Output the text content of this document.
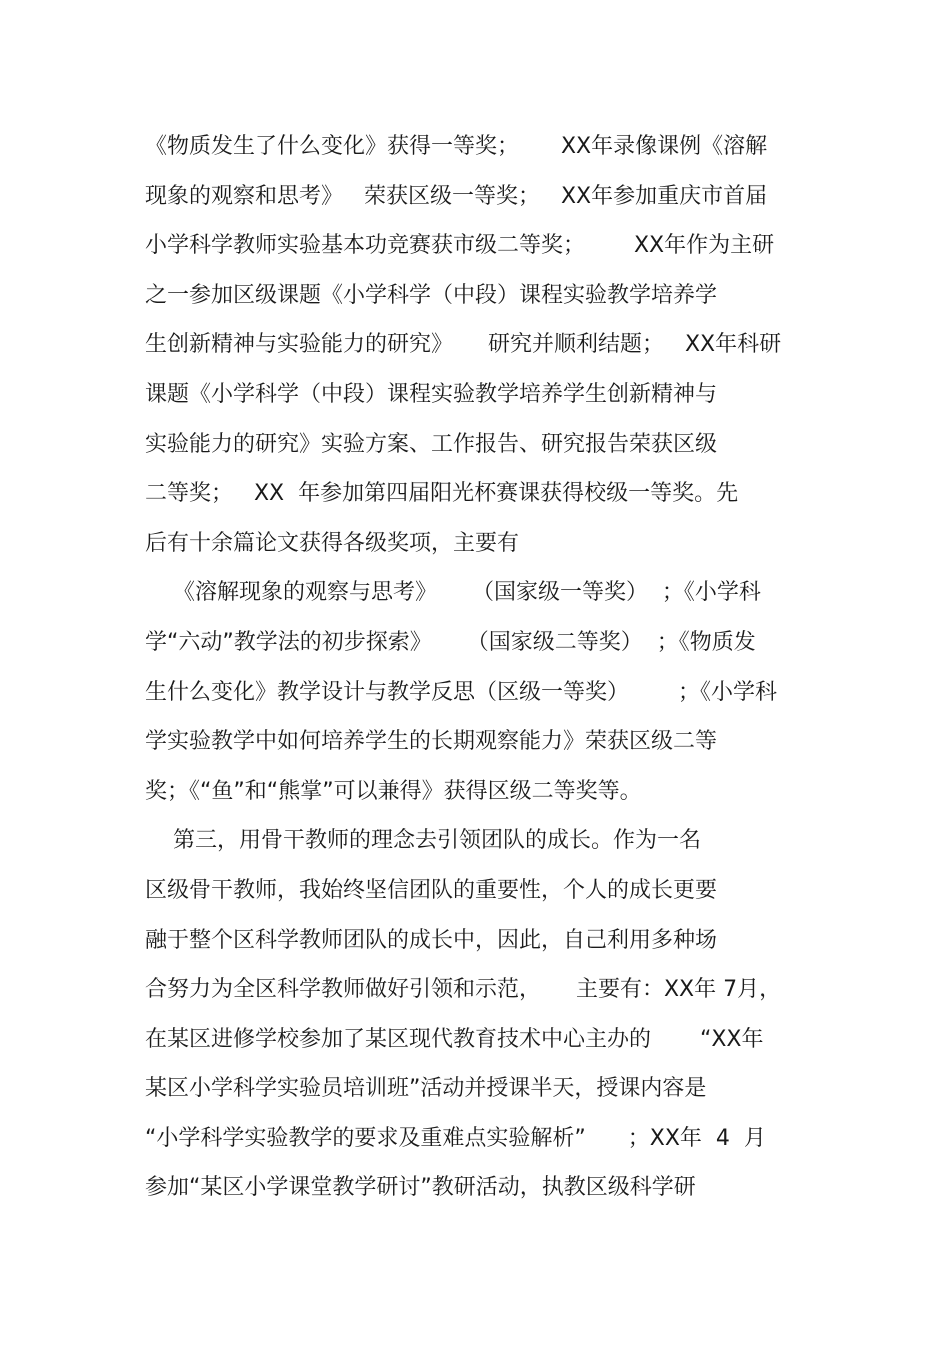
《物质发生了什么变化》获得一等奖；      XX年录像课例《溶解
现象的观察和思考》   荣获区级一等奖；   XX年参加重庆市首届
小学科学教师实验基本功竞赛获市级二等奖；       XX年作为主研
之一参加区级课题《小学科学（中段）课程实验教学培养学
生创新精神与实验能力的研究》     研究并顺利结题；   XX年科研
课题《小学科学（中段）课程实验教学培养学生创新精神与
实验能力的研究》实验方案、工作报告、研究报告荣获区级
二等奖；   XX  年参加第四届阳光杯赛课获得校级一等奖。先
后有十余篇论文获得各级奖项，主要有
《溶解现象的观察与思考》     （国家级一等奖）  ；《小学科
学“六动”教学法的初步探索》     （国家级二等奖）  ；《物质发
生什么变化》教学设计与教学反思（区级一等奖）       ；《小学科
学实验教学中如何培养学生的长期观察能力》荣获区级二等
奖；《“鱼”和“熊掌”可以兼得》获得区级二等奖等。
第三，用骨干教师的理念去引领团队的成长。作为一名
区级骨干教师，我始终坚信团队的重要性，个人的成长更要
融于整个区科学教师团队的成长中，因此，自己利用多种场
合努力为全区科学教师做好引领和示范，     主要有：XX年 7月，
在某区进修学校参加了某区现代教育技术中心主办的       “XX年
某区小学科学实验员培训班”活动并授课半天，授课内容是
“小学科学实验教学的要求及重难点实验解析”      ；XX年  4  月
参加“某区小学课堂教学研讨”教研活动，执教区级科学研
